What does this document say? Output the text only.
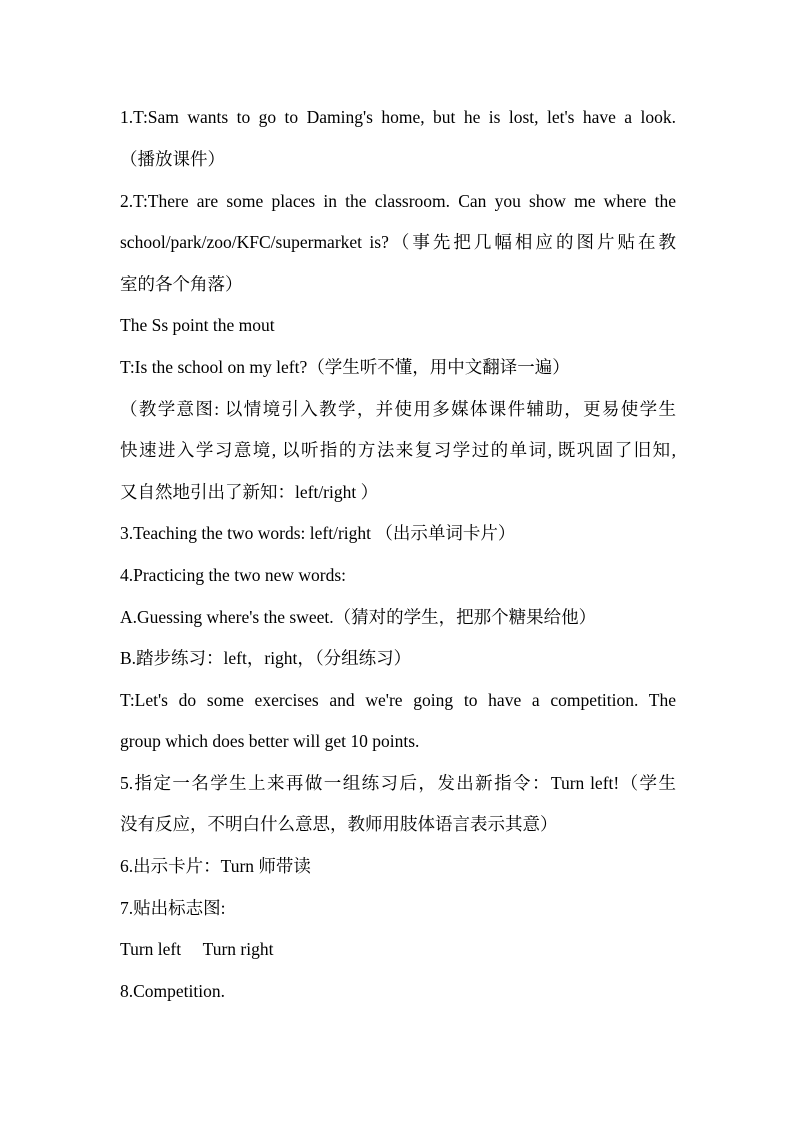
1.T:Sam wants to go to Daming's home, but he is lost, let's have a look.
（播放课件）
2.T:There are some places in the classroom. Can you show me where the
school/park/zoo/KFC/supermarket is?（事先把几幅相应的图片贴在教
室的各个角落）
The Ss point the mout
T:Is the school on my left?（学生听不懂，用中文翻译一遍）
（教学意图: 以情境引入教学，并使用多媒体课件辅助，更易使学生
快速进入学习意境, 以听指的方法来复习学过的单词, 既巩固了旧知,
又自然地引出了新知：left/right ）
3.Teaching the two words: left/right （出示单词卡片）
4.Practicing the two new words:
A.Guessing where's the sweet.（猜对的学生，把那个糖果给他）
B.踏步练习：left，right，（分组练习）
T:Let's do some exercises and we're going to have a competition. The
group which does better will get 10 points.
5.指定一名学生上来再做一组练习后，发出新指令：Turn left!（学生
没有反应，不明白什么意思，教师用肢体语言表示其意）
6.出示卡片：Turn 师带读
7.贴出标志图:
Turn left     Turn right
8.Competition.
